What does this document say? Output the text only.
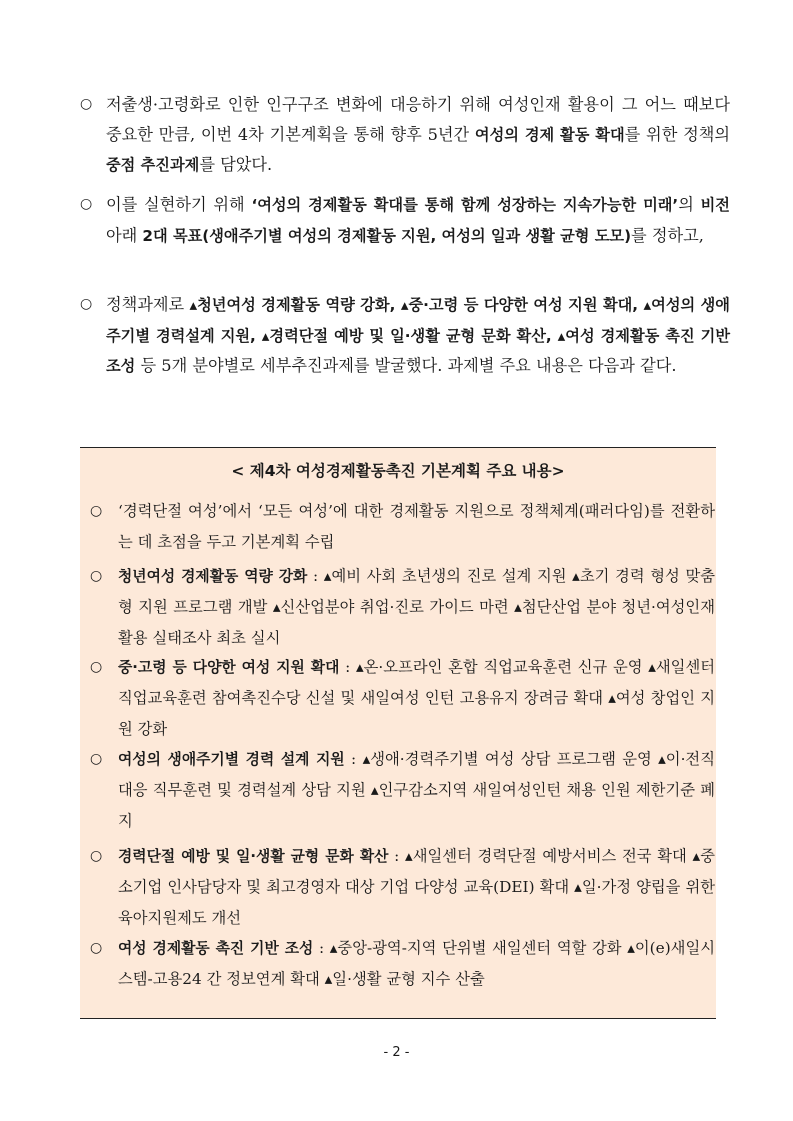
○ 저출생·고령화로 인한 인구구조 변화에 대응하기 위해 여성인재 활용이 그 어느 때보다 중요한 만큼, 이번 4차 기본계획을 통해 향후 5년간 여성의 경제 활동 확대를 위한 정책의 중점 추진과제를 담았다.
○ 이를 실현하기 위해 ‘여성의 경제활동 확대를 통해 함께 성장하는 지속가능한 미래’의 비전 아래 2대 목표(생애주기별 여성의 경제활동 지원, 여성의 일과 생활 균형 도모)를 정하고,
○ 정책과제로 ▴청년여성 경제활동 역량 강화, ▴중·고령 등 다양한 여성 지원 확대, ▴여성의 생애주기별 경력설계 지원, ▴경력단절 예방 및 일·생활 균형 문화 확산, ▴여성 경제활동 촉진 기반 조성 등 5개 분야별로 세부추진과제를 발굴했다. 과제별 주요 내용은 다음과 같다.
< 제4차 여성경제활동촉진 기본계획 주요 내용>
○ ‘경력단절 여성’에서 ‘모든 여성’에 대한 경제활동 지원으로 정책체계(패러다임)를 전환하는 데 초점을 두고 기본계획 수립
○ 청년여성 경제활동 역량 강화 : ▴예비 사회 초년생의 진로 설계 지원 ▴초기 경력 형성 맞춤형 지원 프로그램 개발 ▴신산업분야 취업·진로 가이드 마련 ▴첨단산업 분야 청년·여성인재 활용 실태조사 최초 실시
○ 중·고령 등 다양한 여성 지원 확대 : ▴온·오프라인 혼합 직업교육훈련 신규 운영 ▴새일센터 직업교육훈련 참여촉진수당 신설 및 새일여성 인턴 고용유지 장려금 확대 ▴여성 창업인 지원 강화
○ 여성의 생애주기별 경력 설계 지원 : ▴생애·경력주기별 여성 상담 프로그램 운영 ▴이·전직 대응 직무훈련 및 경력설계 상담 지원 ▴인구감소지역 새일여성인턴 채용 인원 제한기준 폐지
○ 경력단절 예방 및 일·생활 균형 문화 확산 : ▴새일센터 경력단절 예방서비스 전국 확대 ▴중소기업 인사담당자 및 최고경영자 대상 기업 다양성 교육(DEI) 확대 ▴일·가정 양립을 위한 육아지원제도 개선
○ 여성 경제활동 촉진 기반 조성 : ▴중앙-광역-지역 단위별 새일센터 역할 강화 ▴이(e)새일시스템-고용24 간 정보연계 확대 ▴일·생활 균형 지수 산출
- 2 -
